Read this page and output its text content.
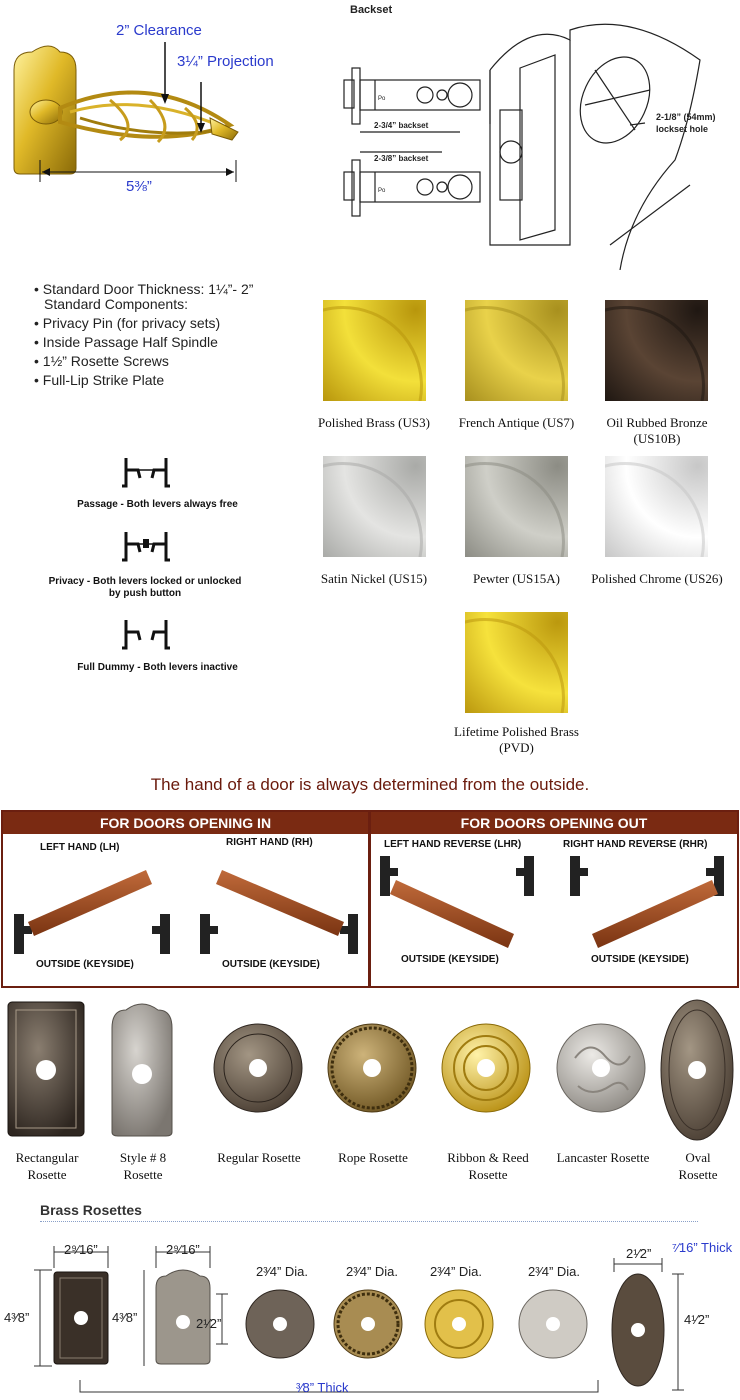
2” Clearance
3¼” Projection
5⅜”
Backset
Po
Po
2-3/4” backset
2-3/8” backset
2-1/8” (54mm)
lockset hole
• Standard Door Thickness: 1¼”- 2”
Standard Components:
• Privacy Pin (for privacy sets)
• Inside Passage Half Spindle
• 1½” Rosette Screws
• Full-Lip Strike Plate
Passage - Both levers always free
Privacy - Both levers locked or unlocked by push button
Full Dummy - Both levers inactive
Polished Brass (US3)	French Antique (US7)	Oil Rubbed Bronze (US10B)
Satin Nickel (US15)	Pewter (US15A)	Polished Chrome (US26)
Lifetime Polished Brass (PVD)
The hand of a door is always determined from the outside.
FOR DOORS OPENING IN	FOR DOORS OPENING OUT
LEFT HAND (LH)	RIGHT HAND (RH)	LEFT HAND REVERSE (LHR)	RIGHT HAND REVERSE (RHR)
OUTSIDE (KEYSIDE)	OUTSIDE (KEYSIDE)	OUTSIDE (KEYSIDE)	OUTSIDE (KEYSIDE)
Rectangular Rosette
Style # 8 Rosette
Regular Rosette	Rope Rosette	Ribbon & Reed Rosette
Lancaster Rosette	Oval Rosette
Brass Rosettes
2⁹⁄16”
4³⁄8”
2⁹⁄16”
4³⁄8”	2¹⁄2”
2³⁄4” Dia.	2³⁄4” Dia. 2³⁄4” Dia.	2³⁄4” Dia.
2¹⁄2”
4¹⁄2”
⁷⁄16” Thick
³⁄8” Thick
